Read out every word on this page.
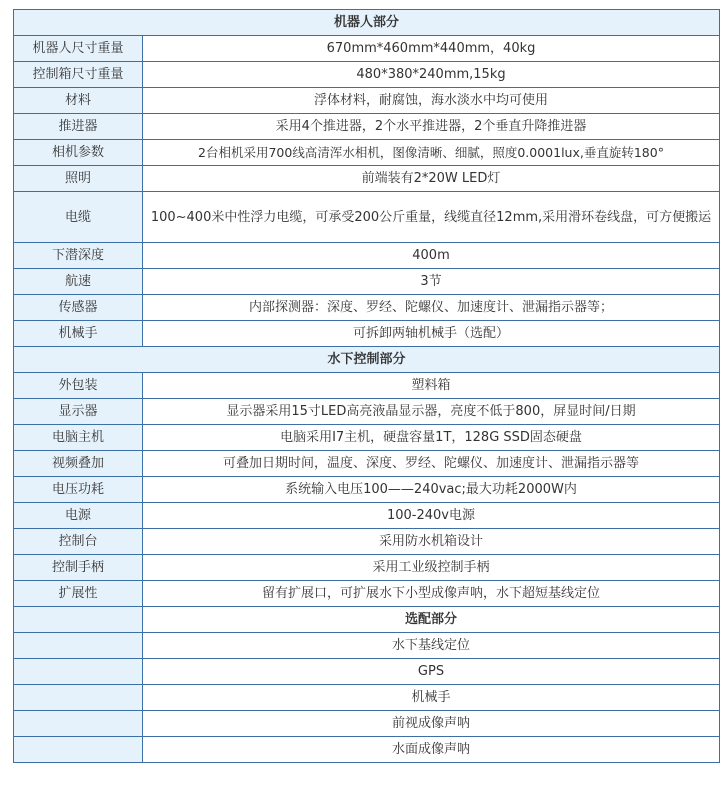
机器人部分	
机器人尺寸重量	670mm*460mm*440mm，40kg
控制箱尺寸重量	480*380*240mm,15kg
材料	浮体材料，耐腐蚀，海水淡水中均可使用
推进器	采用4个推进器，2个水平推进器，2个垂直升降推进器
相机参数	2台相机采用700线高清浑水相机，图像清晰、细腻，照度0.0001lux,垂直旋转180°
照明	前端装有2*20W LED灯
电缆	100~400米中性浮力电缆，可承受200公斤重量，线缆直径12mm,采用滑环卷线盘，可方便搬运
下潜深度	400m
航速	3节
传感器	内部探测器：深度、罗经、陀螺仪、加速度计、泄漏指示器等；
机械手	可拆卸两轴机械手（选配）
水下控制部分	
外包装	塑料箱
显示器	显示器采用15寸LED高亮液晶显示器，亮度不低于800，屏显时间/日期
电脑主机	电脑采用I7主机，硬盘容量1T，128G SSD固态硬盘
视频叠加	可叠加日期时间，温度、深度、罗经、陀螺仪、加速度计、泄漏指示器等
电压功耗	系统输入电压100——240vac;最大功耗2000W内
电源	100-240v电源
控制台	采用防水机箱设计
控制手柄	采用工业级控制手柄
扩展性	留有扩展口，可扩展水下小型成像声呐，水下超短基线定位
	选配部分
	水下基线定位
	GPS
	机械手
	前视成像声呐
	水面成像声呐
